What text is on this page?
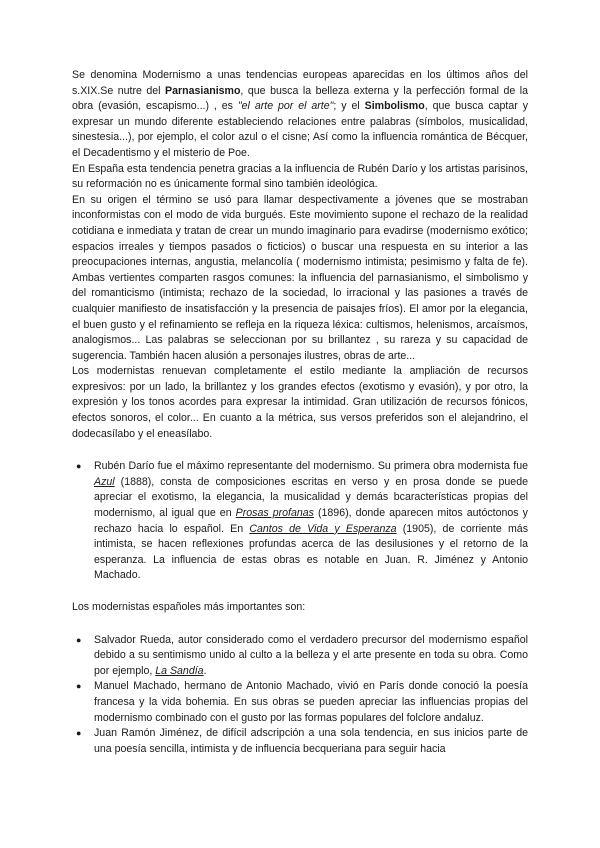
Se denomina Modernismo a unas tendencias europeas aparecidas en los últimos años del s.XIX.Se nutre del Parnasianismo, que busca la belleza externa y la perfección formal de la obra (evasión, escapismo...) , es "el arte por el arte"; y el Simbolismo, que busca captar y expresar un mundo diferente estableciendo relaciones entre palabras (símbolos, musicalidad, sinestesia...), por ejemplo, el color azul o el cisne; Así como la influencia romántica de Bécquer, el Decadentismo y el misterio de Poe.

En España esta tendencia penetra gracias a la influencia de Rubén Darío y los artistas parisinos, su reformación no es únicamente formal sino también ideológica.

En su origen el término se usó para llamar despectivamente a jóvenes que se mostraban inconformistas con el modo de vida burgués. Este movimiento supone el rechazo de la realidad cotidiana e inmediata y tratan de crear un mundo imaginario para evadirse (modernismo exótico; espacios irreales y tiempos pasados o ficticios) o buscar una respuesta en su interior a las preocupaciones internas, angustia, melancolía ( modernismo intimista; pesimismo y falta de fe). Ambas vertientes comparten rasgos comunes: la influencia del parnasianismo, el simbolismo y del romanticismo (intimista; rechazo de la sociedad, lo irracional y las pasiones a través de cualquier manifiesto de insatisfacción y la presencia de paisajes fríos). El amor por la elegancia, el buen gusto y el refinamiento se refleja en la riqueza léxica: cultismos, helenismos, arcaísmos, analogismos... Las palabras se seleccionan por su brillantez , su rareza y su capacidad de sugerencia. También hacen alusión a personajes ilustres, obras de arte...

Los modernistas renuevan completamente el estilo mediante la ampliación de recursos expresivos: por un lado, la brillantez y los grandes efectos (exotismo y evasión), y por otro, la expresión y los tonos acordes para expresar la intimidad. Gran utilización de recursos fónicos, efectos sonoros, el color... En cuanto a la métrica, sus versos preferidos son el alejandrino, el dodecasílabo y el eneasílabo.

● Rubén Darío fue el máximo representante del modernismo. Su primera obra modernista fue Azul (1888), consta de composiciones escritas en verso y en prosa donde se puede apreciar el exotismo, la elegancia, la musicalidad y demás bcaracterísticas propias del modernismo, al igual que en Prosas profanas (1896), donde aparecen mitos autóctonos y rechazo hacia lo español. En Cantos de Vida y Esperanza (1905), de corriente más intimista, se hacen reflexiones profundas acerca de las desilusiones y el retorno de la esperanza. La influencia de estas obras es notable en Juan. R. Jiménez y Antonio Machado.

Los modernistas españoles más importantes son:

● Salvador Rueda, autor considerado como el verdadero precursor del modernismo español debido a su sentimismo unido al culto a la belleza y el arte presente en toda su obra. Como por ejemplo, La Sandía.
● Manuel Machado, hermano de Antonio Machado, vivió en París donde conoció la poesía francesa y la vida bohemia. En sus obras se pueden apreciar las influencias propias del modernismo combinado con el gusto por las formas populares del folclore andaluz.
● Juan Ramón Jiménez, de difícil adscripción a una sola tendencia, en sus inicios parte de una poesía sencilla, intimista y de influencia becqueriana para seguir hacia
